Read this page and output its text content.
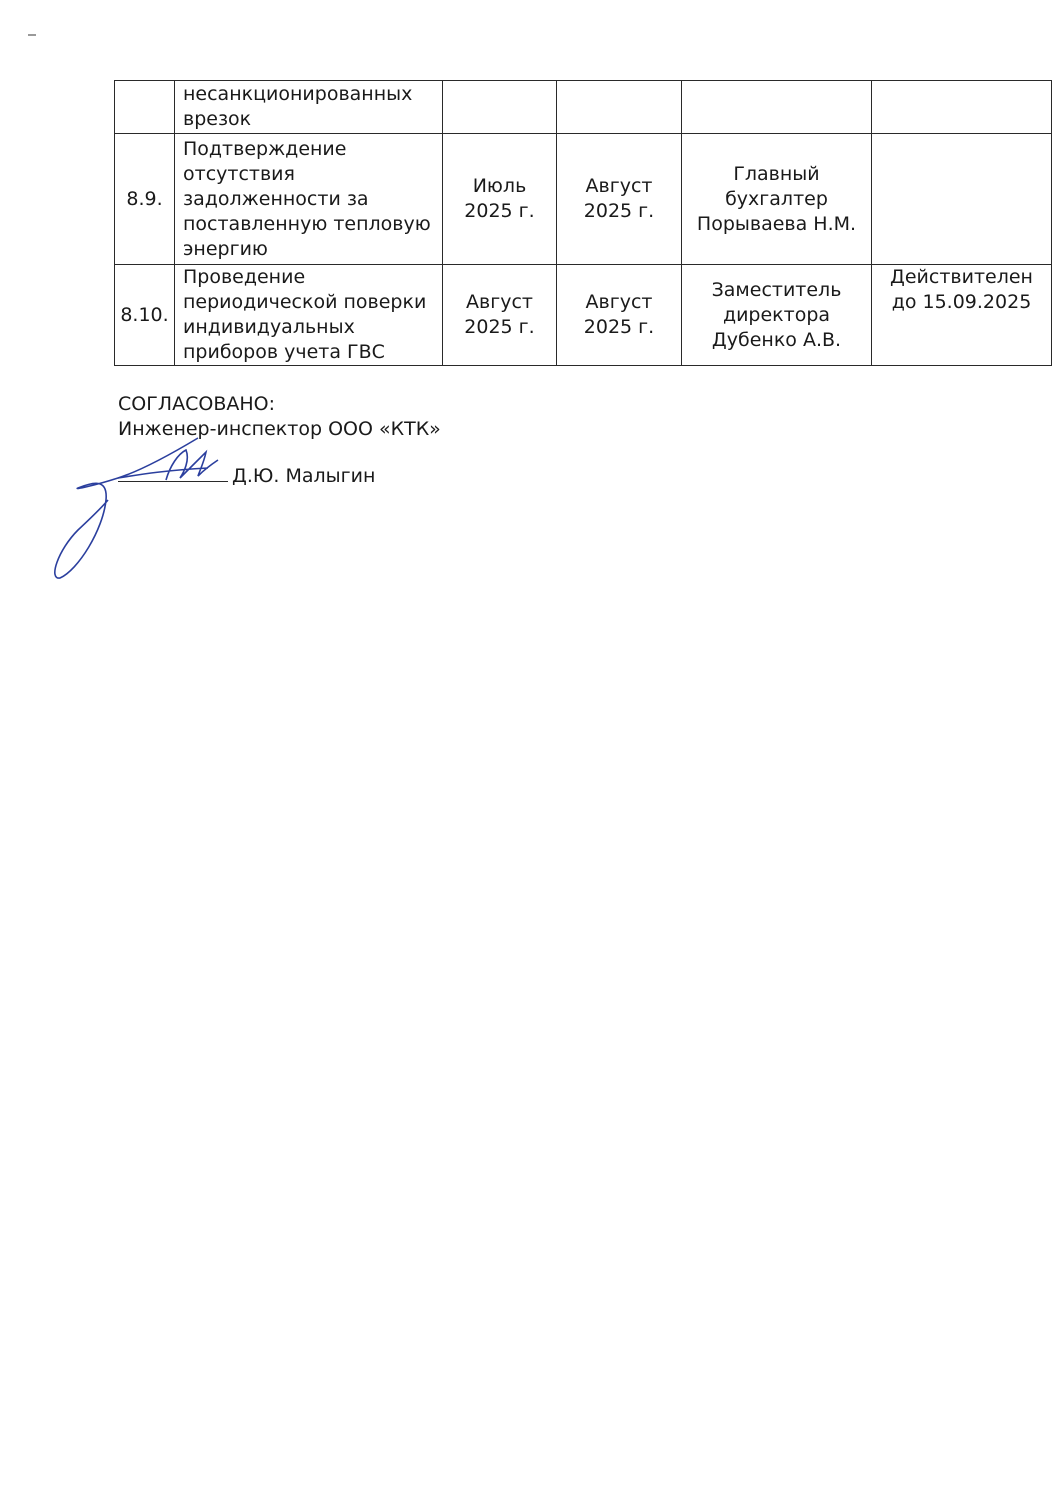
	несанкционированных врезок				
8.9.	Подтверждение отсутствия задолженности за поставленную тепловую энергию	Июль 2025 г.	Август 2025 г.	Главный бухгалтер Порываева Н.М.	
8.10.	Проведение периодической поверки индивидуальных приборов учета ГВС	Август 2025 г.	Август 2025 г.	Заместитель директора Дубенко А.В.	Действителен до 15.09.2025
СОГЛАСОВАНО:
Инженер-инспектор ООО «КТК»
Д.Ю. Малыгин
